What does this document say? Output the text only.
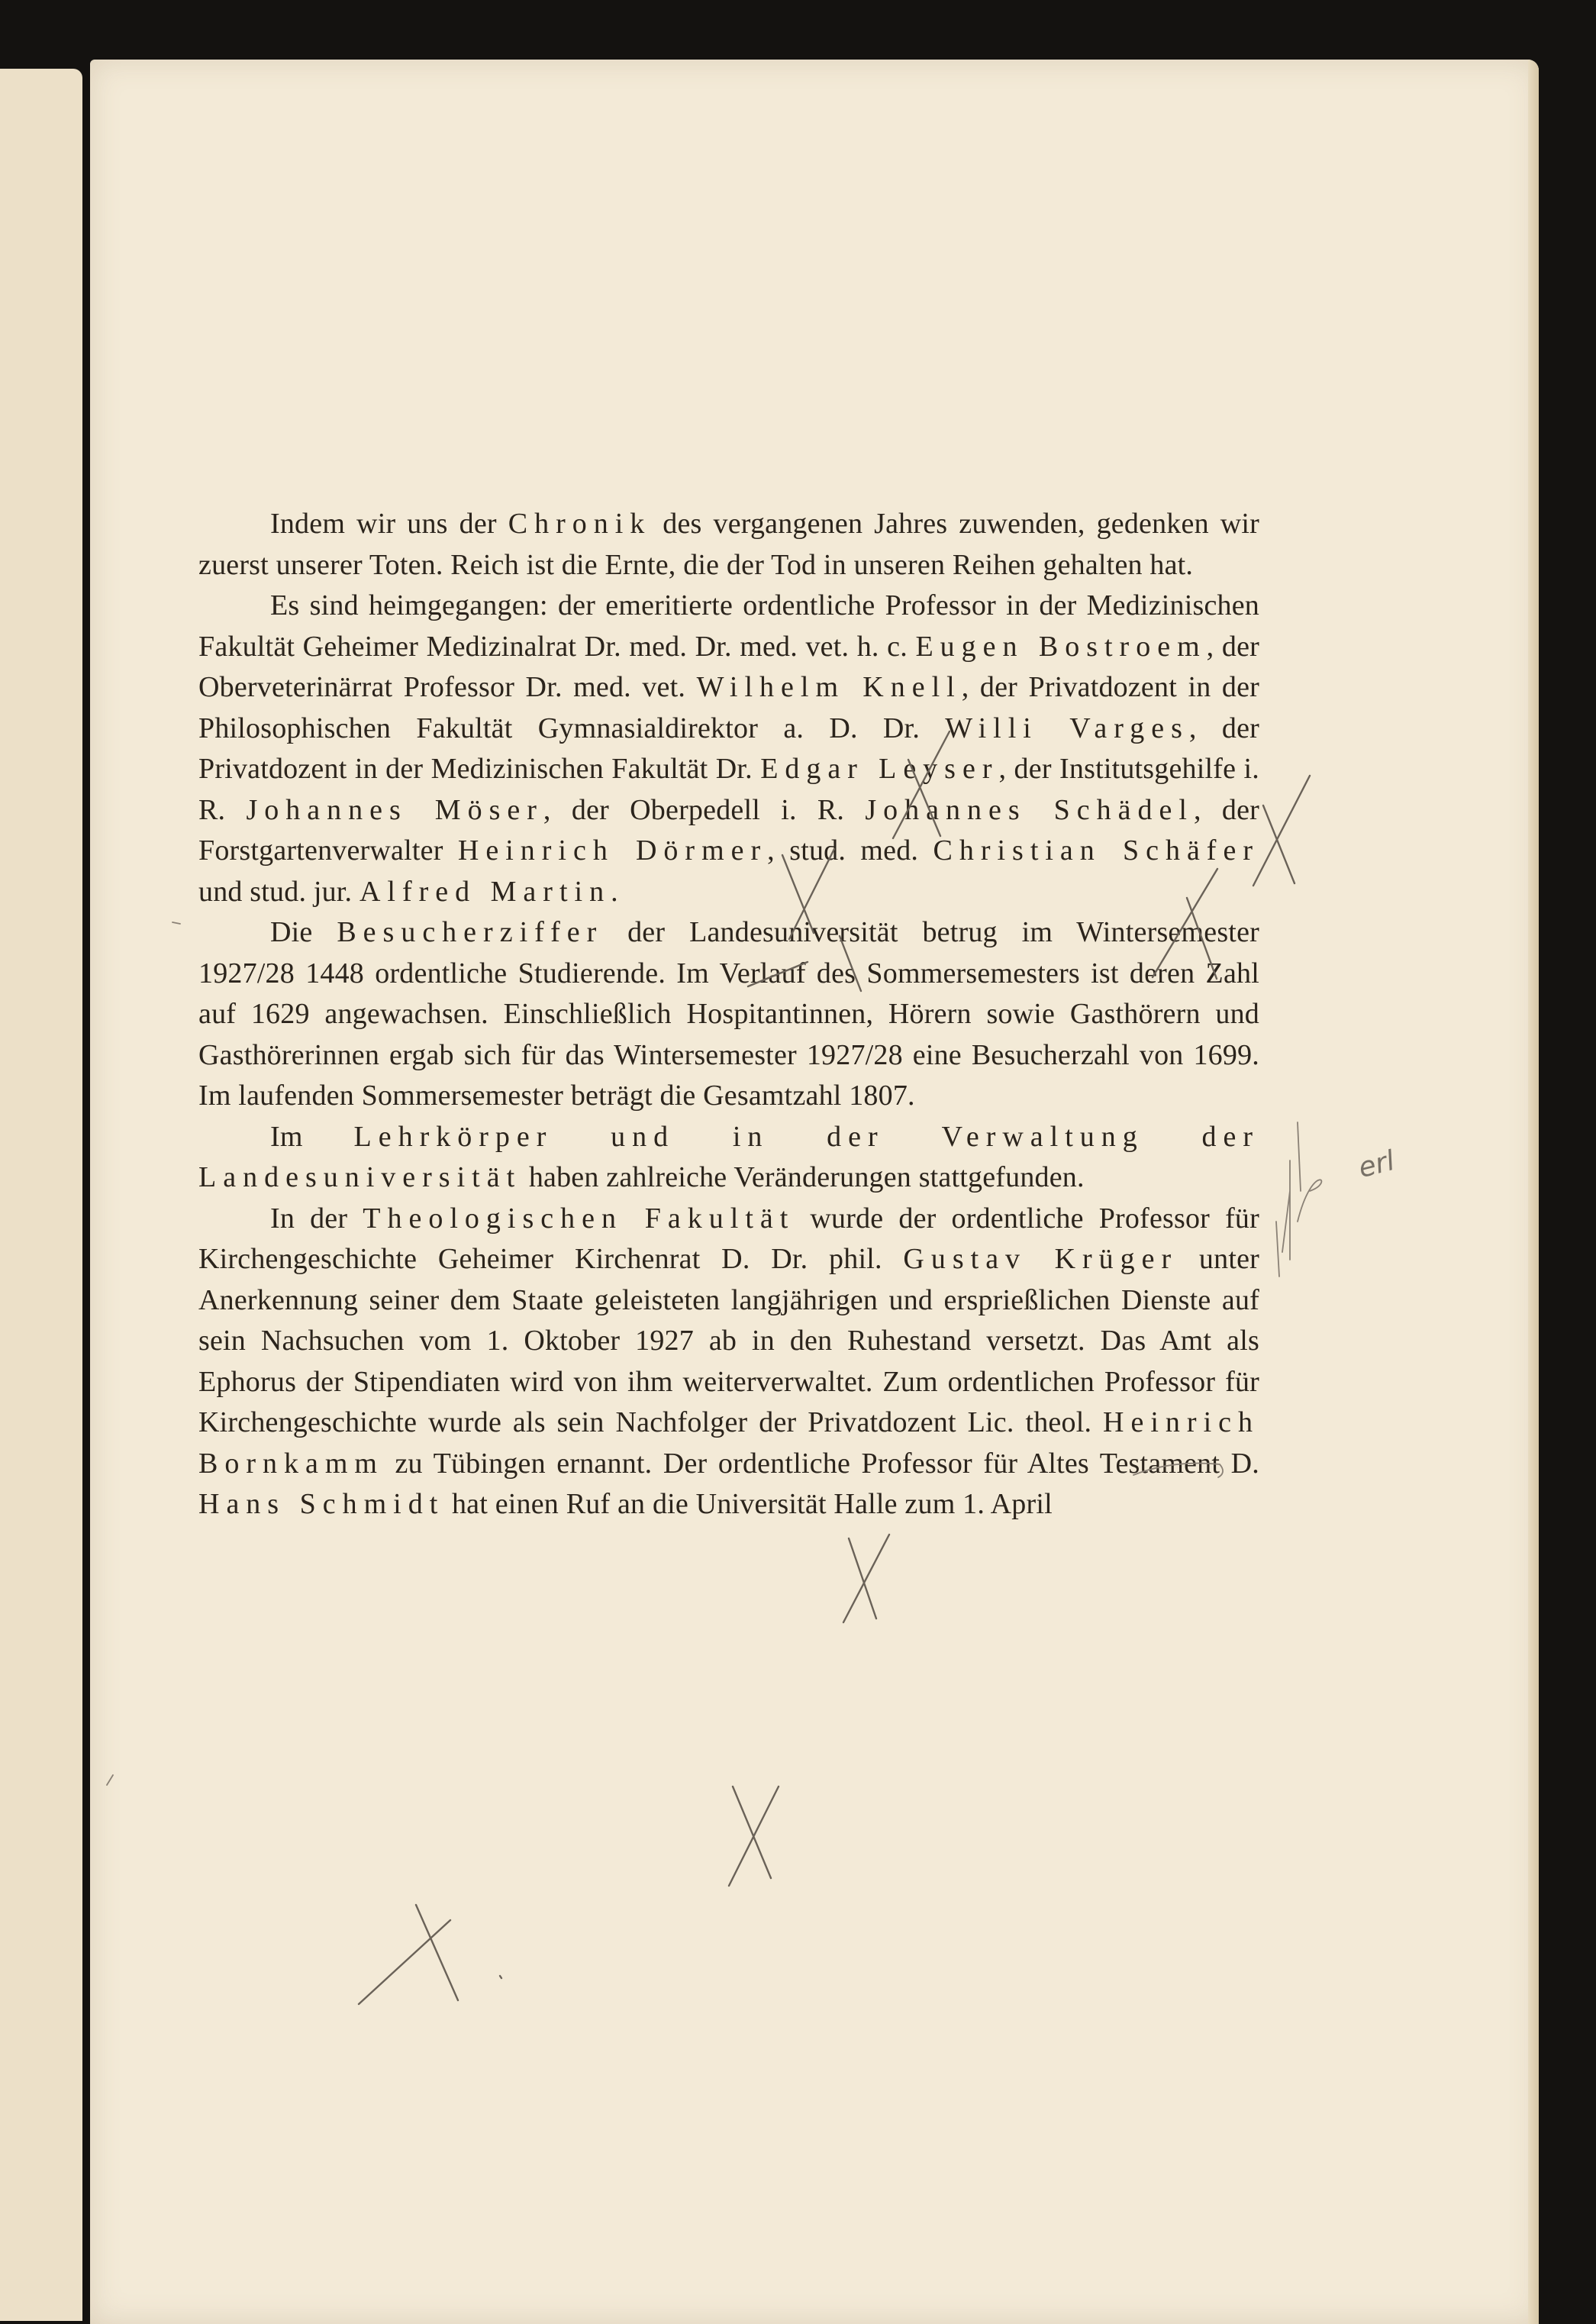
Indem wir uns der Chronik des vergangenen Jahres zuwenden, gedenken wir zuerst unserer Toten. Reich ist die Ernte, die der Tod in unseren Reihen gehalten hat.

Es sind heimgegangen: der emeritierte ordentliche Professor in der Medizinischen Fakultät Geheimer Medizinalrat Dr. med. Dr. med. vet. h. c. Eugen Bostroem, der Oberveterinärrat Professor Dr. med. vet. Wilhelm Knell, der Privatdozent in der Philosophischen Fakultät Gymnasialdirektor a. D. Dr. Willi Varges, der Privatdozent in der Medizinischen Fakultät Dr. Edgar Leyser, der Institutsgehilfe i. R. Johannes Möser, der Oberpedell i. R. Johannes Schädel, der Forstgartenverwalter Heinrich Dörmer, stud. med. Christian Schäfer und stud. jur. Alfred Martin.

Die Besucherziffer der Landesuniversität betrug im Wintersemester 1927/28 1448 ordentliche Studierende. Im Verlauf des Sommersemesters ist deren Zahl auf 1629 angewachsen. Einschließlich Hospitantinnen, Hörern sowie Gasthörern und Gasthörerinnen ergab sich für das Wintersemester 1927/28 eine Besucherzahl von 1699. Im laufenden Sommersemester beträgt die Gesamtzahl 1807.

Im Lehrkörper und in der Verwaltung der Landesuniversität haben zahlreiche Veränderungen stattgefunden.

In der Theologischen Fakultät wurde der ordentliche Professor für Kirchengeschichte Geheimer Kirchenrat D. Dr. phil. Gustav Krüger unter Anerkennung seiner dem Staate geleisteten langjährigen und ersprießlichen Dienste auf sein Nachsuchen vom 1. Oktober 1927 ab in den Ruhestand versetzt. Das Amt als Ephorus der Stipendiaten wird von ihm weiterverwaltet. Zum ordentlichen Professor für Kirchengeschichte wurde als sein Nachfolger der Privatdozent Lic. theol. Heinrich Bornkamm zu Tübingen ernannt. Der ordentliche Professor für Altes Testament D. Hans Schmidt hat einen Ruf an die Universität Halle zum 1. April

erl
